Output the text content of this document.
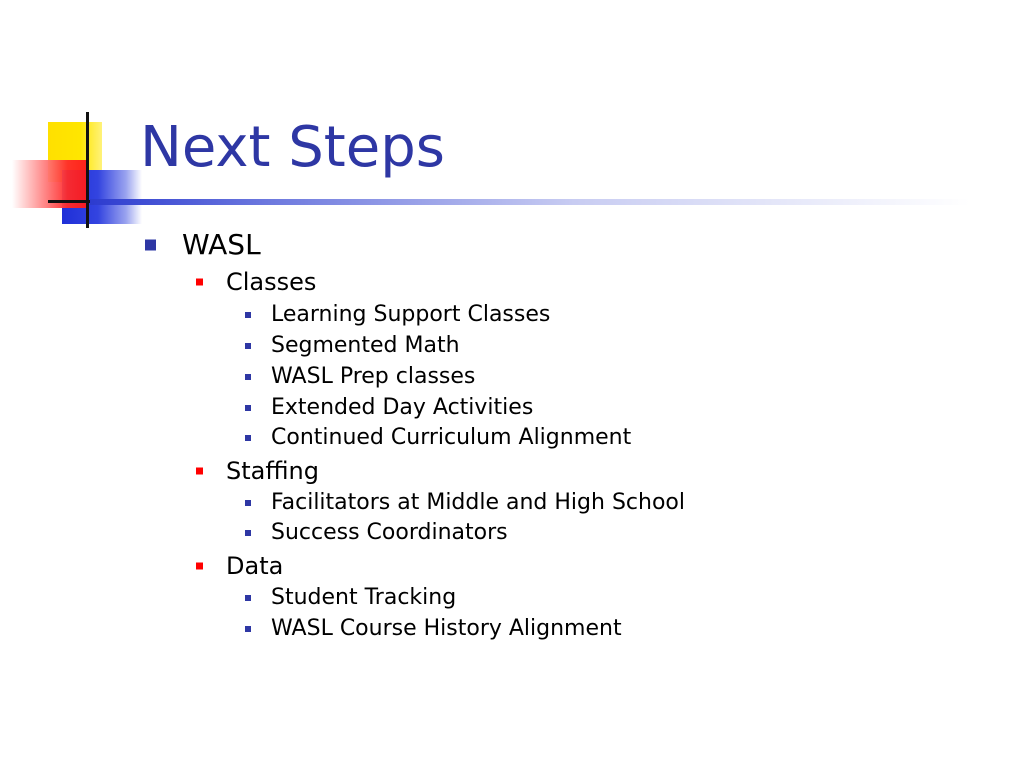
Next Steps
WASL
Classes
Learning Support Classes
Segmented Math
WASL Prep classes
Extended Day Activities
Continued Curriculum Alignment
Staffing
Facilitators at Middle and High School
Success Coordinators
Data
Student Tracking
WASL Course History Alignment
